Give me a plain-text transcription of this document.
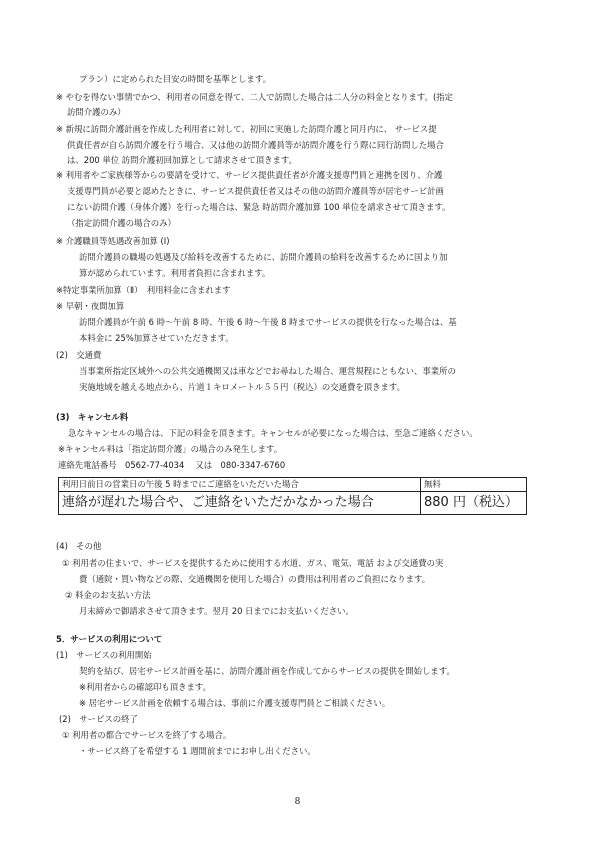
プラン）に定められた目安の時間を基準とします。
※ やむを得ない事情でかつ、利用者の同意を得て、二人で訪問した場合は二人分の料金となります。(指定
訪問介護のみ）
※ 新規に訪問介護計画を作成した利用者に対して、初回に実施した訪問介護と同月内に、 サービス提
供責任者が自ら訪問介護を行う場合、又は他の訪問介護員等が訪問介護を行う際に同行訪問した場合
は、200 単位 訪問介護初回加算として請求させて頂きます。
※ 利用者やご家族様等からの要請を受けて、サービス提供責任者が介護支援専門員と連携を図り、介護
支援専門員が必要と認めたときに、サービス提供責任者又はその他の訪問介護員等が居宅サービ計画
にない訪問介護（身体介護）を行った場合は、緊急 時訪問介護加算 100 単位を請求させて頂きます。
（指定訪問介護の場合のみ）
※ 介護職員等処遇改善加算 (I)
訪問介護員の職場の処遇及び給料を改善するために、訪問介護員の給料を改善するために国より加
算が認められています。利用者負担に含まれます。
※特定事業所加算（Ⅱ）　利用料金に含まれます
※ 早朝・夜間加算
訪問介護員が午前 6 時～午前 8 時、午後 6 時～午後 8 時までサービスの提供を行なった場合は、基
本料金に 25%加算させていただきます。
(2)　交通費
当事業所指定区域外への公共交通機関又は車などでお尋ねした場合、運営規程にともない、事業所の
実施地域を越える地点から、片道１キロメートル５５円（税込）の交通費を頂きます。
(3)　キャンセル料
急なキャンセルの場合は、下記の料金を頂きます。キャンセルが必要になった場合は、至急ご連絡ください。
※キャンセル料は「指定訪問介護」の場合のみ発生します。
連絡先電話番号　0562-77-4034　 又は　080-3347-6760
利用日前日の営業日の午後 5 時までにご連絡をいただいた場合	無料
連絡が遅れた場合や、ご連絡をいただかなかった場合	880 円（税込）
(4)　その他
① 利用者の住まいで、サービスを提供するために使用する水道、ガス、電気、電話 および交通費の実
費（通院・買い物などの際、交通機関を使用した場合）の費用は利用者のご負担になります。
② 料金のお支払い方法
月末締めで御請求させて頂きます。翌月 20 日までにお支払いください。
5．サービスの利用について
(1)　サービスの利用開始
契約を結び、居宅サービス計画を基に、訪問介護計画を作成してからサービスの提供を開始します。
※利用者からの確認印も頂きます。
※ 居宅サービス計画を依頼する場合は、事前に介護支援専門員とご相談ください。
(2)　サービスの終了
① 利用者の都合でサービスを終了する場合。
・サービス終了を希望する 1 週間前までにお申し出ください。
8
